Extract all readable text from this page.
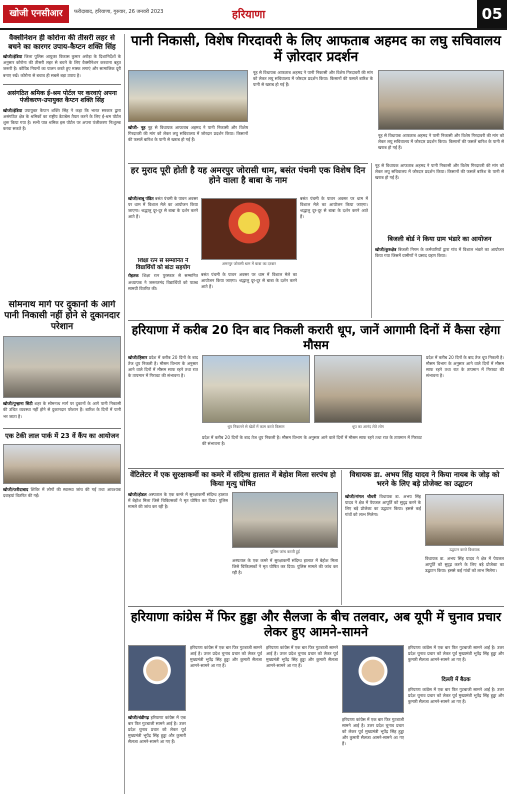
खोजी एनसीआर	फरीदाबाद, हरियाणा, गुरुवार, 26 जनवरी 2023	हरियाणा	05
वैक्सीनेशन ही कोरोना की तीसरी लहर से बचने का कारगर उपाय-कैप्टन शक्ति सिंह
खोजी/इंडिया जिला पुलिस आयुक्त विकास कुमार अरोड़ा के दिशानिर्देशों के अनुसार कोरोना की तीसरी लहर से बचने के लिए वैक्सीनेशन करवाना बहुत जरूरी है। कोविड नियमों का पालन करते हुए मास्क लगाएं और सामाजिक दूरी बनाए रखें। कोरोना से बचाव ही सबसे बड़ा उपाय है।
असंगठित श्रमिक ई-श्रम पोर्टल पर करवाएं अपना पंजीकरण-उपायुक्त कैप्टन शक्ति सिंह
खोजी/इंडिया उपायुक्त कैप्टन शक्ति सिंह ने कहा कि भारत सरकार द्वारा असंगठित क्षेत्र के श्रमिकों का राष्ट्रीय डेटाबेस तैयार करने के लिए ई-श्रम पोर्टल शुरू किया गया है। सभी पात्र श्रमिक इस पोर्टल पर अपना पंजीकरण निःशुल्क करवा सकते हैं।
सोमनाथ मार्ग पर दुकानों के आगे पानी निकासी नहीं होने से दुकानदार परेशान
खोजी/पुन्हाना सिटी शहर के सोमनाथ मार्ग पर दुकानों के आगे पानी निकासी की उचित व्यवस्था नहीं होने से दुकानदार परेशान हैं। बारिश के दिनों में पानी भर जाता है।
एक टेकी लाल पार्क में 23 वें कैंप का आयोजन
खोजी/फरीदाबाद शिविर में लोगों की स्वास्थ्य जांच की गई तथा आवश्यक दवाइयां वितरित की गईं।
पानी निकासी, विशेष गिरदावरी के लिए आफताब अहमद का लघु सचिवालय में ज़ोरदार प्रदर्शन
खोजी- नूह नूह से विधायक आफताब अहमद ने पानी निकासी और विशेष गिरदावरी की मांग को लेकर लघु सचिवालय में जोरदार प्रदर्शन किया। किसानों की फसलें बारिश के पानी से खराब हो गई हैं।
नूह से विधायक आफताब अहमद ने पानी निकासी और विशेष गिरदावरी की मांग को लेकर लघु सचिवालय में जोरदार प्रदर्शन किया। किसानों की फसलें बारिश के पानी से खराब हो गई हैं।
नूह से विधायक आफताब अहमद ने पानी निकासी और विशेष गिरदावरी की मांग को लेकर लघु सचिवालय में जोरदार प्रदर्शन किया। किसानों की फसलें बारिश के पानी से खराब हो गई हैं।
हर मुराद पूरी होती है यह अमरपुर जोरासी धाम, बसंत पंचमी एक विशेष दिन होने वाला है बाबा के नाम
खोजी/बाबू पंडित बसंत पंचमी के पावन अवसर पर धाम में विशाल मेले का आयोजन किया जाएगा। श्रद्धालु दूर-दूर से बाबा के दर्शन करने आते हैं।
अमरपुर जोरासी धाम में बाबा का दरबार
बसंत पंचमी के पावन अवसर पर धाम में विशाल मेले का आयोजन किया जाएगा। श्रद्धालु दूर-दूर से बाबा के दर्शन करने आते हैं।
बसंत पंचमी के पावन अवसर पर धाम में विशाल मेले का आयोजन किया जाएगा। श्रद्धालु दूर-दूर से बाबा के दर्शन करने आते हैं।
नूह से विधायक आफताब अहमद ने पानी निकासी और विशेष गिरदावरी की मांग को लेकर लघु सचिवालय में जोरदार प्रदर्शन किया। किसानों की फसलें बारिश के पानी से खराब हो गई हैं।
बिजली बोर्ड ने किया ग्राम भंडारे का आयोजन
खोजी/कुरुक्षेत्र बिजली निगम के कर्मचारियों द्वारा गांव में विशाल भंडारे का आयोजन किया गया जिसमें ग्रामीणों ने प्रसाद ग्रहण किया।
शिक्षा रत्न से सम्मानित ने विद्यार्थियों को बांटा सहयोग
रोहतक शिक्षा रत्न पुरस्कार से सम्मानित अध्यापक ने जरूरतमंद विद्यार्थियों को पाठ्य सामग्री वितरित की।
हरियाणा में करीब 20 दिन बाद निकली करारी धूप, जानें आगामी दिनों में कैसा रहेगा मौसम
खोजी/हिसार प्रदेश में करीब 20 दिनों के बाद तेज धूप निकली है। मौसम विभाग के अनुसार आने वाले दिनों में मौसम साफ रहने तथा रात के तापमान में गिरावट की संभावना है।
धूप निकलने से खेतों में काम करते किसान	धूप का आनंद लेते लोग
प्रदेश में करीब 20 दिनों के बाद तेज धूप निकली है। मौसम विभाग के अनुसार आने वाले दिनों में मौसम साफ रहने तथा रात के तापमान में गिरावट की संभावना है।
प्रदेश में करीब 20 दिनों के बाद तेज धूप निकली है। मौसम विभाग के अनुसार आने वाले दिनों में मौसम साफ रहने तथा रात के तापमान में गिरावट की संभावना है।
वेंटिलेटर में एक सुरक्षाकर्मी का कमरे में संदिग्ध हालात में बेहोश मिला सरपंच हो किया मृत्यु घोषित
खोजी/होडल अस्पताल के एक कमरे में सुरक्षाकर्मी संदिग्ध हालात में बेहोश मिला जिसे चिकित्सकों ने मृत घोषित कर दिया। पुलिस मामले की जांच कर रही है।
पुलिस जांच करती हुई
अस्पताल के एक कमरे में सुरक्षाकर्मी संदिग्ध हालात में बेहोश मिला जिसे चिकित्सकों ने मृत घोषित कर दिया। पुलिस मामले की जांच कर रही है।
विधायक डा. अभय सिंह यादव ने किया नायब के जोड़ को भरने के लिए बड़े प्रोजेक्ट का उद्घाटन
खोजी/नांगल चौधरी विधायक डा. अभय सिंह यादव ने क्षेत्र में पेयजल आपूर्ति को सुदृढ़ करने के लिए बड़े प्रोजेक्ट का उद्घाटन किया। इससे कई गांवों को लाभ मिलेगा।
उद्घाटन करते विधायक
विधायक डा. अभय सिंह यादव ने क्षेत्र में पेयजल आपूर्ति को सुदृढ़ करने के लिए बड़े प्रोजेक्ट का उद्घाटन किया। इससे कई गांवों को लाभ मिलेगा।
हरियाणा कांग्रेस में फिर हुड्डा और सैलजा के बीच तलवार, अब यूपी में चुनाव प्रचार लेकर हुए आमने-सामने
खोजी/चंडीगढ़ हरियाणा कांग्रेस में एक बार फिर गुटबाजी सामने आई है। उत्तर प्रदेश चुनाव प्रचार को लेकर पूर्व मुख्यमंत्री भूपेंद्र सिंह हुड्डा और कुमारी सैलजा आमने-सामने आ गए हैं।
हरियाणा कांग्रेस में एक बार फिर गुटबाजी सामने आई है। उत्तर प्रदेश चुनाव प्रचार को लेकर पूर्व मुख्यमंत्री भूपेंद्र सिंह हुड्डा और कुमारी सैलजा आमने-सामने आ गए हैं।
हरियाणा कांग्रेस में एक बार फिर गुटबाजी सामने आई है। उत्तर प्रदेश चुनाव प्रचार को लेकर पूर्व मुख्यमंत्री भूपेंद्र सिंह हुड्डा और कुमारी सैलजा आमने-सामने आ गए हैं।
हरियाणा कांग्रेस में एक बार फिर गुटबाजी सामने आई है। उत्तर प्रदेश चुनाव प्रचार को लेकर पूर्व मुख्यमंत्री भूपेंद्र सिंह हुड्डा और कुमारी सैलजा आमने-सामने आ गए हैं।
हरियाणा कांग्रेस में एक बार फिर गुटबाजी सामने आई है। उत्तर प्रदेश चुनाव प्रचार को लेकर पूर्व मुख्यमंत्री भूपेंद्र सिंह हुड्डा और कुमारी सैलजा आमने-सामने आ गए हैं।
दिल्ली में बैठक
हरियाणा कांग्रेस में एक बार फिर गुटबाजी सामने आई है। उत्तर प्रदेश चुनाव प्रचार को लेकर पूर्व मुख्यमंत्री भूपेंद्र सिंह हुड्डा और कुमारी सैलजा आमने-सामने आ गए हैं।
